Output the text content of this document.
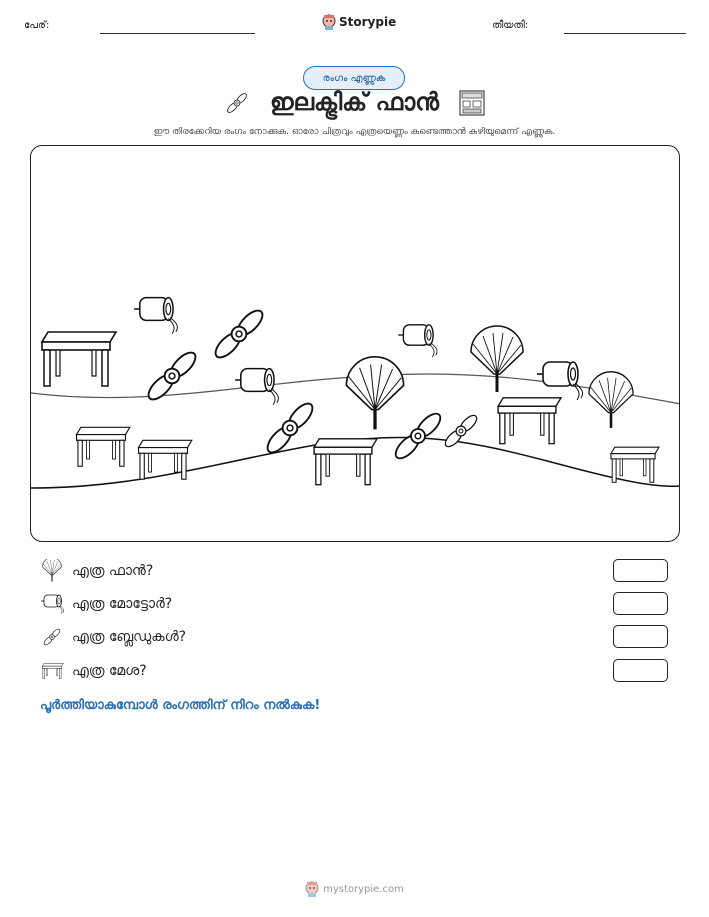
പേര്:	Storypie	തീയതി:
രംഗം എണ്ണുക
ഇലക്ട്രിക് ഫാൻ
ഈ തിരക്കേറിയ രംഗം നോക്കുക. ഓരോ ചിത്രവും എത്രയെണ്ണം കണ്ടെത്താൻ കഴിയുമെന്ന് എണ്ണുക.
എത്ര ഫാൻ?
എത്ര മോട്ടോർ?
എത്ര ബ്ലേഡുകൾ?
എത്ര മേശ?
പൂർത്തിയാകുമ്പോൾ രംഗത്തിന് നിറം നൽകുക!
mystorypie.com
